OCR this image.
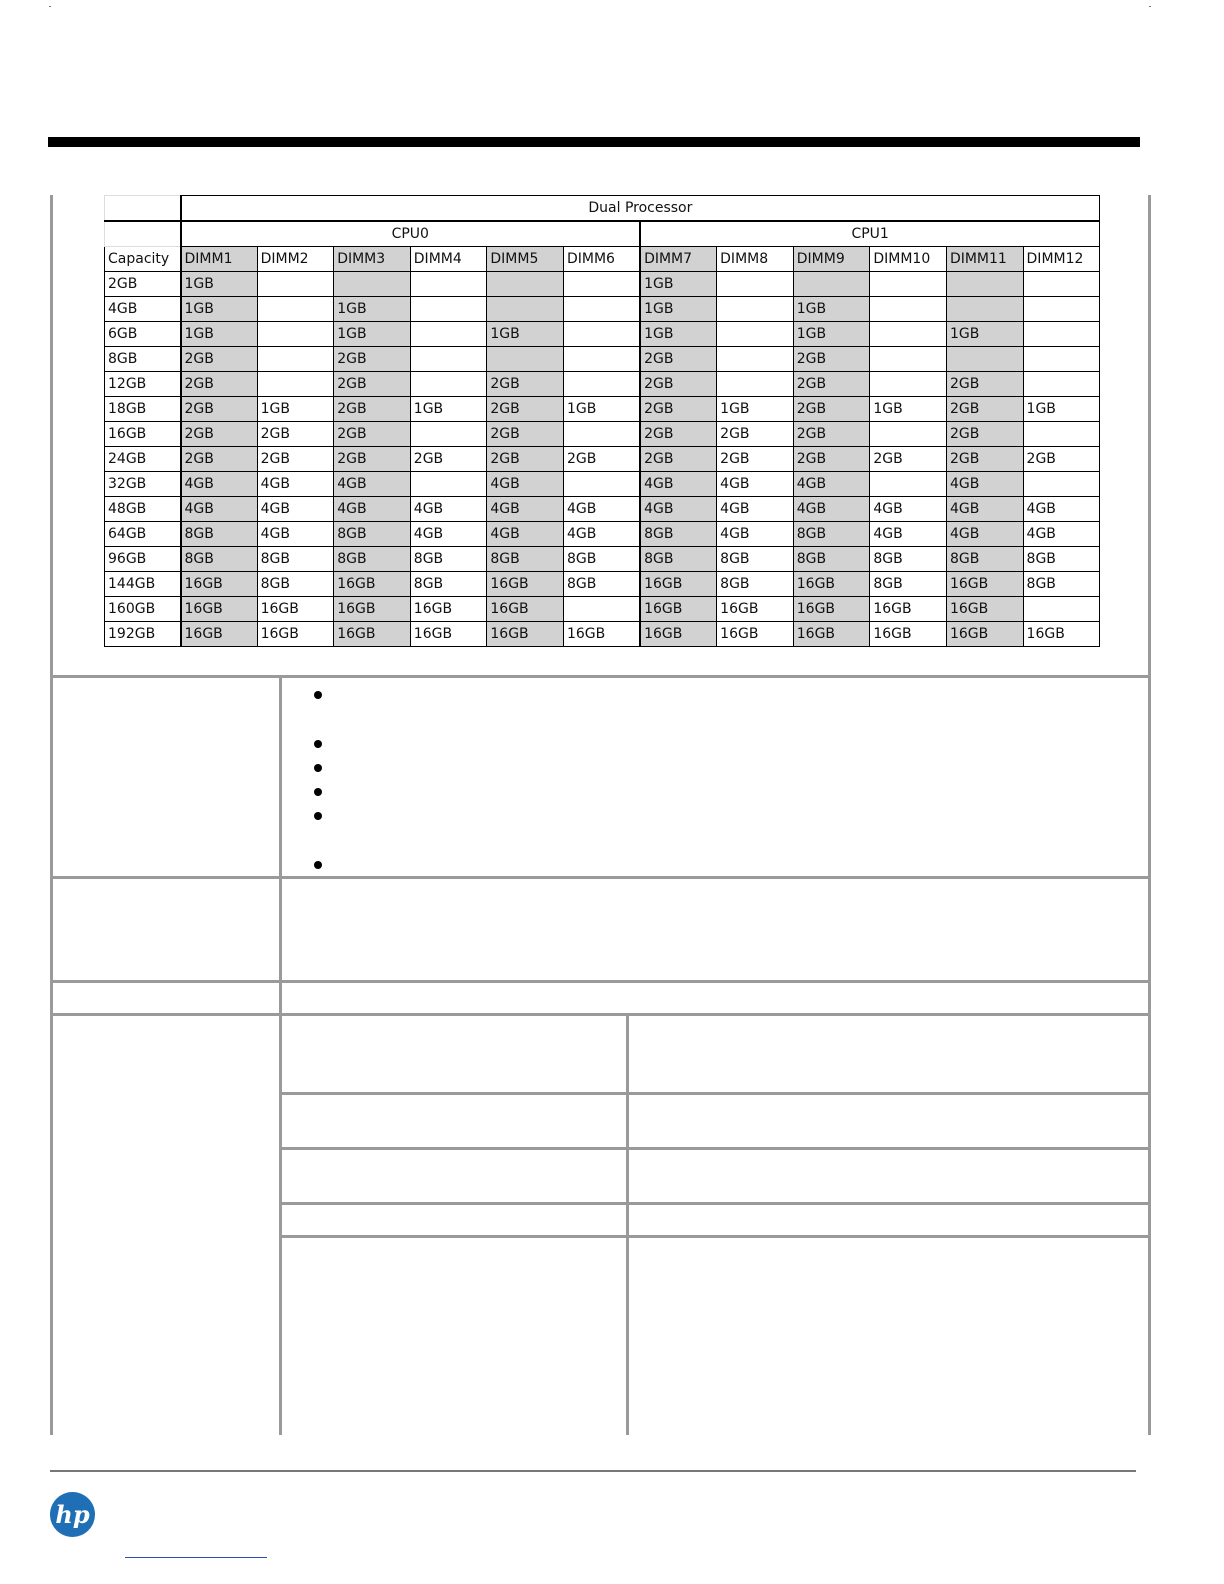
	Dual Processor											
	CPU0						CPU1					
Capacity	DIMM1	DIMM2	DIMM3	DIMM4	DIMM5	DIMM6	DIMM7	DIMM8	DIMM9	DIMM10	DIMM11	DIMM12
2GB	1GB						1GB					
4GB	1GB		1GB				1GB		1GB			
6GB	1GB		1GB		1GB		1GB		1GB		1GB	
8GB	2GB		2GB				2GB		2GB			
12GB	2GB		2GB		2GB		2GB		2GB		2GB	
18GB	2GB	1GB	2GB	1GB	2GB	1GB	2GB	1GB	2GB	1GB	2GB	1GB
16GB	2GB	2GB	2GB		2GB		2GB	2GB	2GB		2GB	
24GB	2GB	2GB	2GB	2GB	2GB	2GB	2GB	2GB	2GB	2GB	2GB	2GB
32GB	4GB	4GB	4GB		4GB		4GB	4GB	4GB		4GB	
48GB	4GB	4GB	4GB	4GB	4GB	4GB	4GB	4GB	4GB	4GB	4GB	4GB
64GB	8GB	4GB	8GB	4GB	4GB	4GB	8GB	4GB	8GB	4GB	4GB	4GB
96GB	8GB	8GB	8GB	8GB	8GB	8GB	8GB	8GB	8GB	8GB	8GB	8GB
144GB	16GB	8GB	16GB	8GB	16GB	8GB	16GB	8GB	16GB	8GB	16GB	8GB
160GB	16GB	16GB	16GB	16GB	16GB		16GB	16GB	16GB	16GB	16GB	
192GB	16GB	16GB	16GB	16GB	16GB	16GB	16GB	16GB	16GB	16GB	16GB	16GB
hp
